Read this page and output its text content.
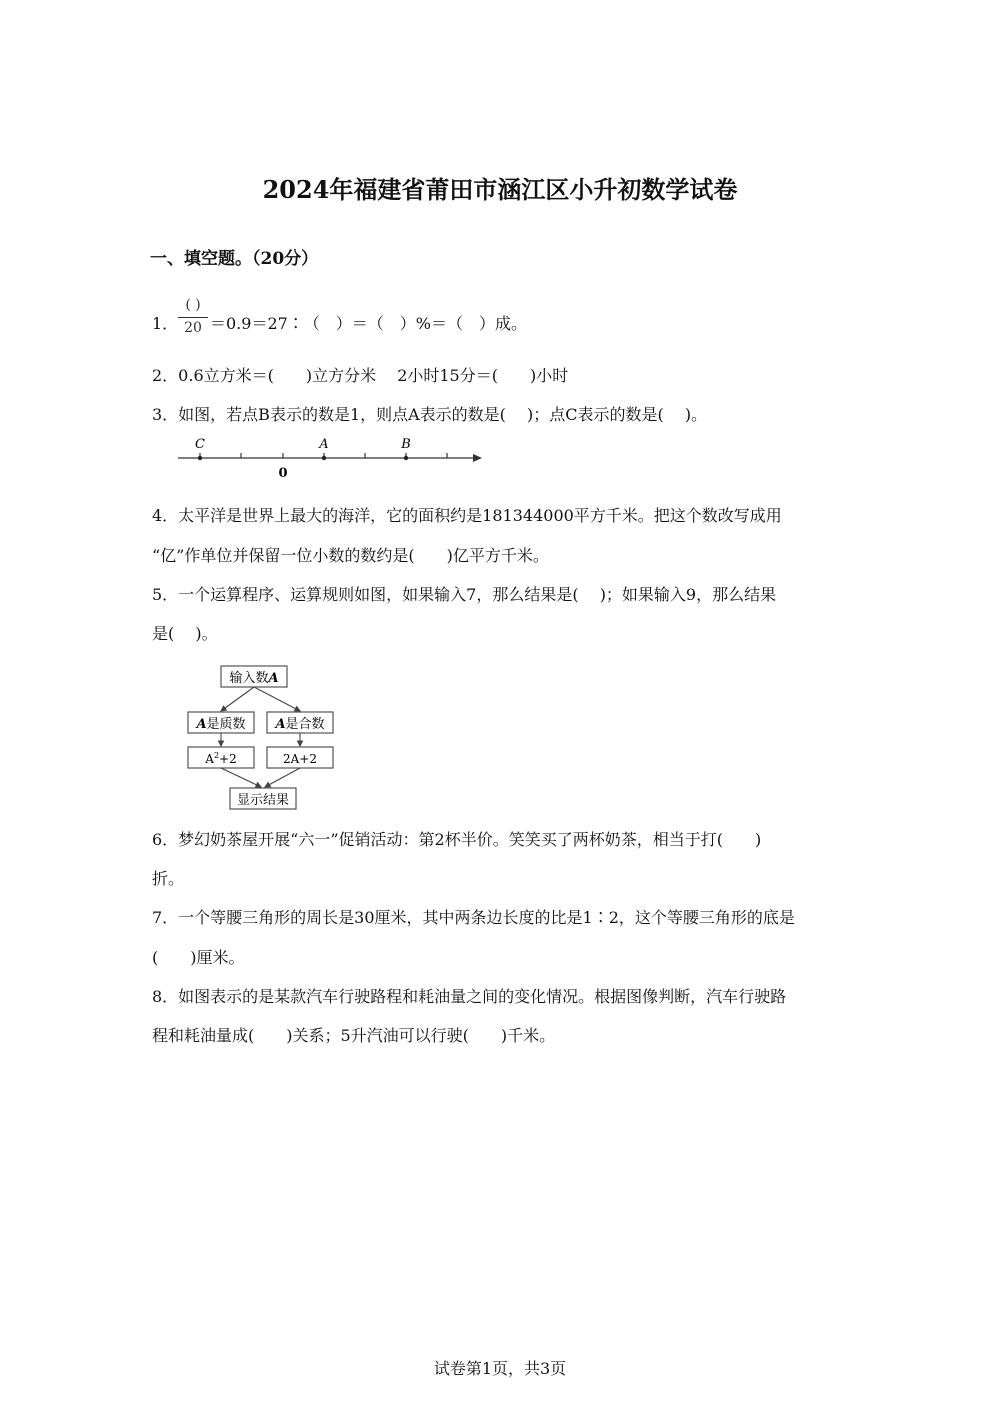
2024年福建省莆田市涵江区小升初数学试卷
一、填空题。（20分）
1．
( )
20 ＝0.9＝27∶（　）＝（　）%＝（　）成。
2．0.6立方米＝(　　)立方分米　 2小时15分＝(　　)小时
3．如图，若点B表示的数是1，则点A表示的数是(　 )；点C表示的数是(　 )。
C	A	B
0
4．太平洋是世界上最大的海洋，它的面积约是181344000平方千米。把这个数改写成用
“亿”作单位并保留一位小数的数约是(　　)亿平方千米。
5．一个运算程序、运算规则如图，如果输入7，那么结果是(　 )；如果输入9，那么结果
是(　 )。
输入数A
A是质数 A是合数
$A^2+2$	2A+2
显示结果
6．梦幻奶茶屋开展“六一”促销活动：第2杯半价。笑笑买了两杯奶茶，相当于打(　　)
折。
7．一个等腰三角形的周长是30厘米，其中两条边长度的比是1∶2，这个等腰三角形的底是
(　　)厘米。
8．如图表示的是某款汽车行驶路程和耗油量之间的变化情况。根据图像判断，汽车行驶路
程和耗油量成(　　)关系；5升汽油可以行驶(　　)千米。
试卷第1页，共3页
